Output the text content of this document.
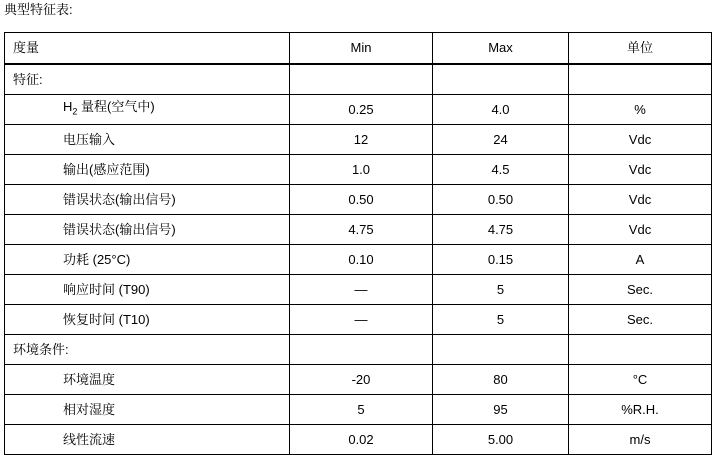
典型特征表:
度量	Min	Max	单位

特征:			

$H_2$ 量程(空气中)	0.25	4.0	%

电压输入	12	24	Vdc

输出(感应范围)	1.0	4.5	Vdc

错误状态(输出信号)	0.50	0.50	Vdc

错误状态(输出信号)	4.75	4.75	Vdc

功耗 (25°C)	0.10	0.15	A

响应时间 (T90)	—	5	Sec.

恢复时间 (T10)	—	5	Sec.

环境条件:			

环境温度	-20	80	°C

相对湿度	5	95	%R.H.

线性流速	0.02	5.00	m/s
